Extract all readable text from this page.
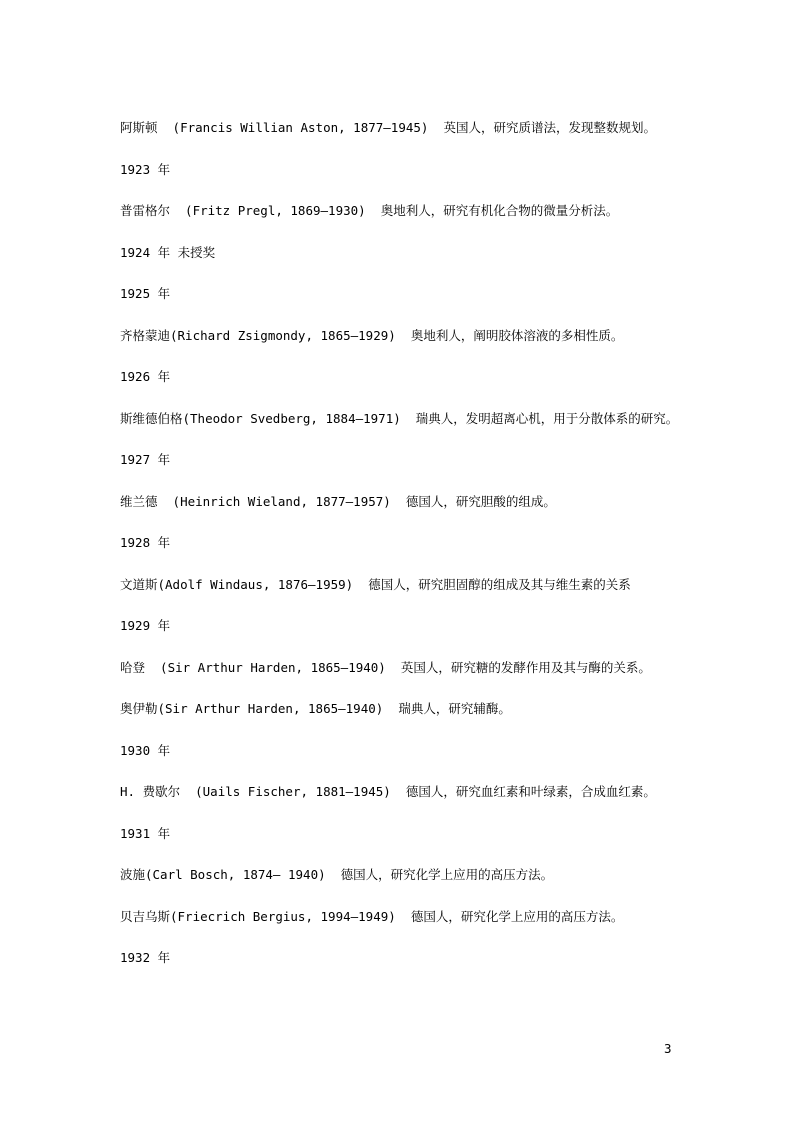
阿斯顿  (Francis Willian Aston, 1877—1945)  英国人，研究质谱法，发现整数规划。

1923 年

普雷格尔  (Fritz Pregl, 1869—1930)  奥地利人，研究有机化合物的微量分析法。

1924 年 未授奖

1925 年

齐格蒙迪(Richard Zsigmondy, 1865—1929)  奥地利人，阐明胶体溶液的多相性质。

1926 年

斯维德伯格(Theodor Svedberg, 1884—1971)  瑞典人，发明超离心机，用于分散体系的研究。

1927 年

维兰德  (Heinrich Wieland, 1877—1957)  德国人，研究胆酸的组成。

1928 年

文道斯(Adolf Windaus, 1876—1959)  德国人，研究胆固醇的组成及其与维生素的关系

1929 年

哈登  (Sir Arthur Harden, 1865—1940)  英国人，研究糖的发酵作用及其与酶的关系。

奥伊勒(Sir Arthur Harden, 1865—1940)  瑞典人，研究辅酶。

1930 年

H. 费歇尔  (Uails Fischer, 1881—1945)  德国人，研究血红素和叶绿素，合成血红素。

1931 年

波施(Carl Bosch, 1874— 1940)  德国人，研究化学上应用的高压方法。

贝吉乌斯(Friecrich Bergius, 1994—1949)  德国人，研究化学上应用的高压方法。

1932 年

3
